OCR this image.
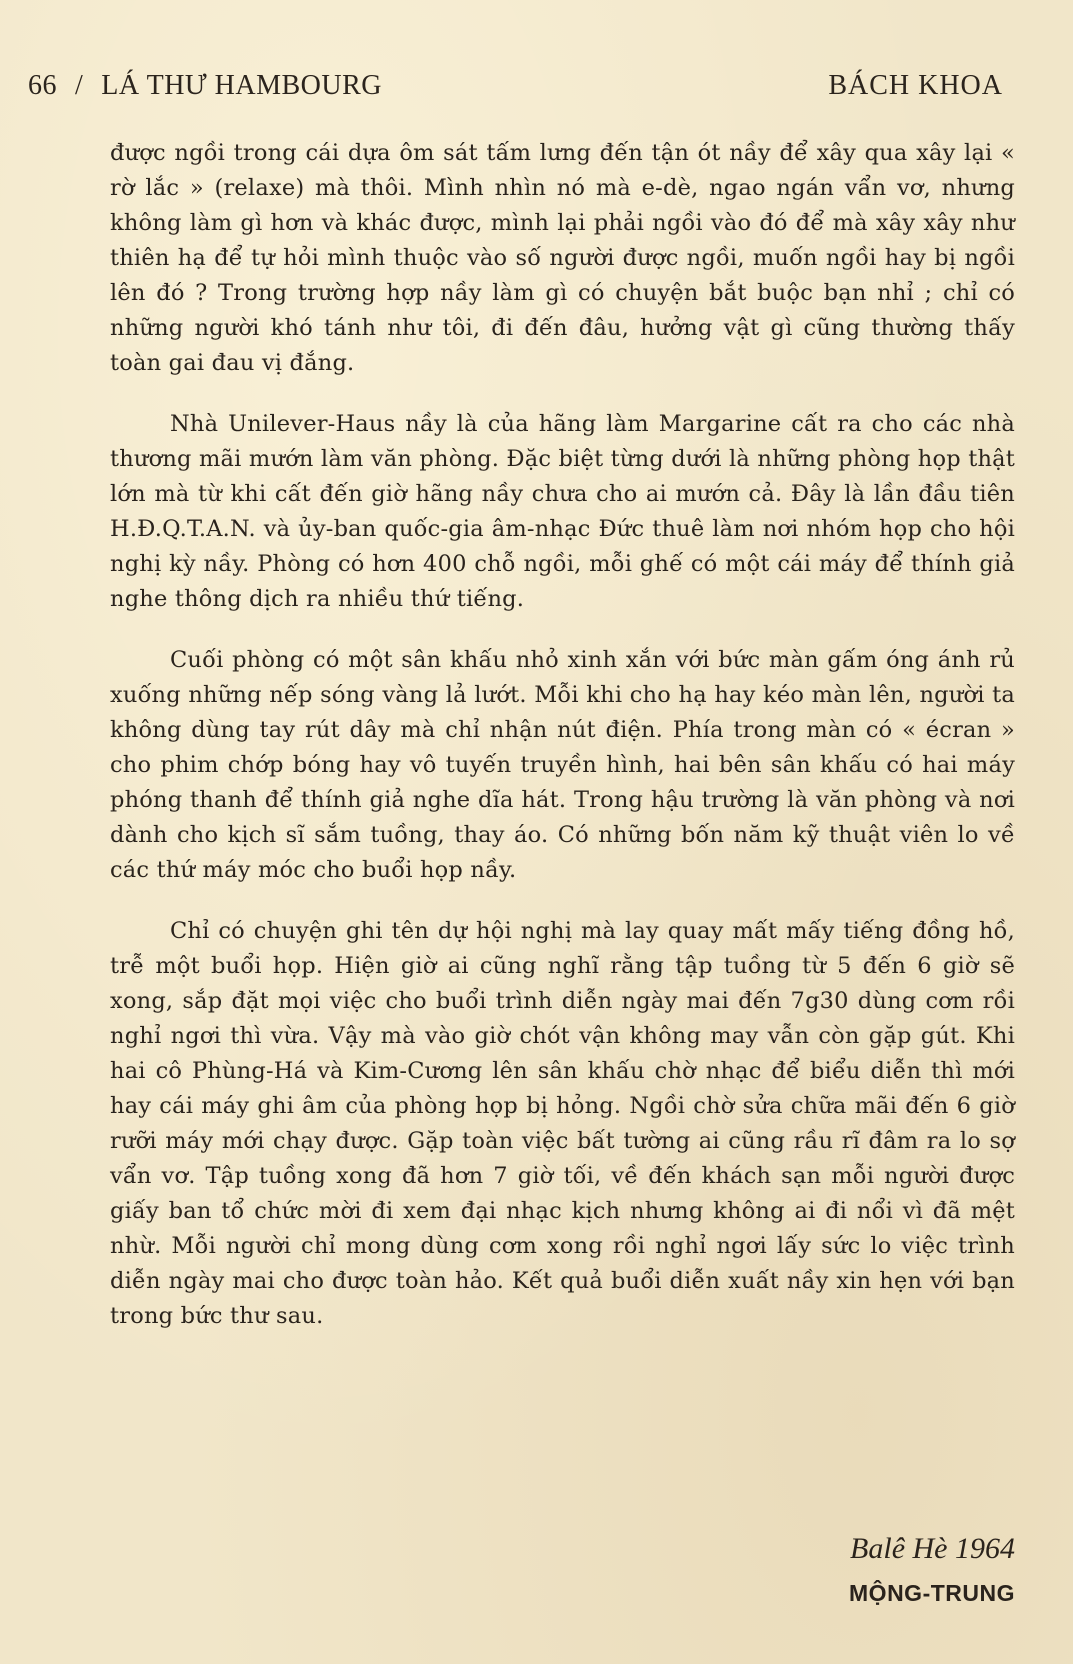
66 / LÁ THƯ HAMBOURG	BÁCH KHOA

được ngồi trong cái dựa ôm sát tấm lưng đến tận ót nầy để xây qua xây lại « rờ lắc » (relaxe) mà thôi. Mình nhìn nó mà e-dè, ngao ngán vẩn vơ, nhưng không làm gì hơn và khác được, mình lại phải ngồi vào đó để mà xây xây như thiên hạ để tự hỏi mình thuộc vào số người được ngồi, muốn ngồi hay bị ngồi lên đó ? Trong trường hợp nầy làm gì có chuyện bắt buộc bạn nhỉ ; chỉ có những người khó tánh như tôi, đi đến đâu, hưởng vật gì cũng thường thấy toàn gai đau vị đắng.

Nhà Unilever-Haus nầy là của hãng làm Margarine cất ra cho các nhà thương mãi mướn làm văn phòng. Đặc biệt từng dưới là những phòng họp thật lớn mà từ khi cất đến giờ hãng nầy chưa cho ai mướn cả. Đây là lần đầu tiên H.Đ.Q.T.A.N. và ủy-ban quốc-gia âm-nhạc Đức thuê làm nơi nhóm họp cho hội nghị kỳ nầy. Phòng có hơn 400 chỗ ngồi, mỗi ghế có một cái máy để thính giả nghe thông dịch ra nhiều thứ tiếng.

Cuối phòng có một sân khấu nhỏ xinh xắn với bức màn gấm óng ánh rủ xuống những nếp sóng vàng lả lướt. Mỗi khi cho hạ hay kéo màn lên, người ta không dùng tay rút dây mà chỉ nhận nút điện. Phía trong màn có « écran » cho phim chớp bóng hay vô tuyến truyền hình, hai bên sân khấu có hai máy phóng thanh để thính giả nghe dĩa hát. Trong hậu trường là văn phòng và nơi dành cho kịch sĩ sắm tuồng, thay áo. Có những bốn năm kỹ thuật viên lo về các thứ máy móc cho buổi họp nầy.

Chỉ có chuyện ghi tên dự hội nghị mà lay quay mất mấy tiếng đồng hồ, trễ một buổi họp. Hiện giờ ai cũng nghĩ rằng tập tuồng từ 5 đến 6 giờ sẽ xong, sắp đặt mọi việc cho buổi trình diễn ngày mai đến 7g30 dùng cơm rồi nghỉ ngơi thì vừa. Vậy mà vào giờ chót vận không may vẫn còn gặp gút. Khi hai cô Phùng-Há và Kim-Cương lên sân khấu chờ nhạc để biểu diễn thì mới hay cái máy ghi âm của phòng họp bị hỏng. Ngồi chờ sửa chữa mãi đến 6 giờ rưỡi máy mới chạy được. Gặp toàn việc bất tường ai cũng rầu rĩ đâm ra lo sợ vẩn vơ. Tập tuồng xong đã hơn 7 giờ tối, về đến khách sạn mỗi người được giấy ban tổ chức mời đi xem đại nhạc kịch nhưng không ai đi nổi vì đã mệt nhừ. Mỗi người chỉ mong dùng cơm xong rồi nghỉ ngơi lấy sức lo việc trình diễn ngày mai cho được toàn hảo. Kết quả buổi diễn xuất nầy xin hẹn với bạn trong bức thư sau.

Balê Hè 1964
MỘNG-TRUNG
